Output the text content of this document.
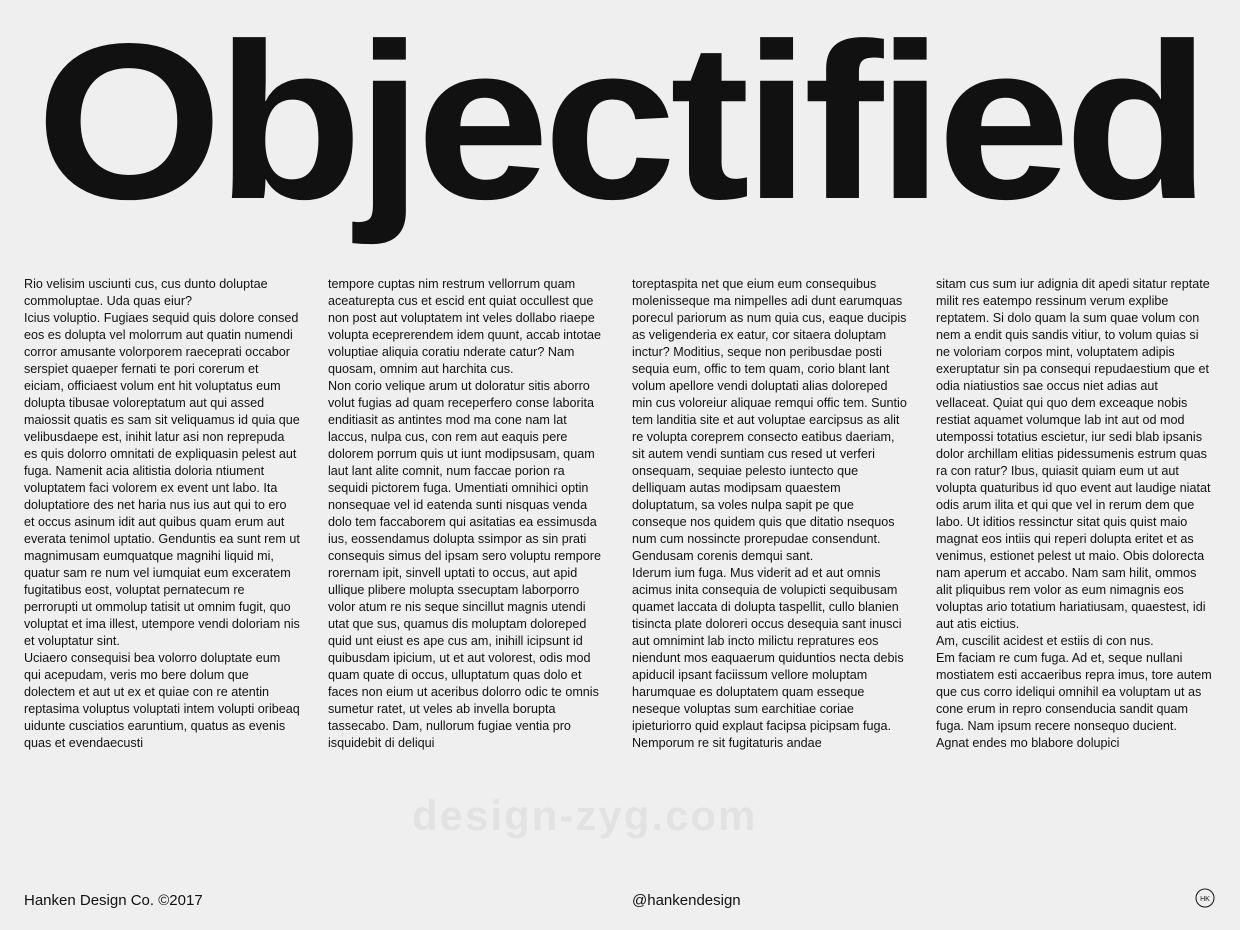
Objectified
Rio velisim usciunti cus, cus dunto doluptae commoluptae. Uda quas eiur?
Icius voluptio. Fugiaes sequid quis dolore consed eos es dolupta vel molorrum aut quatin numendi corror amusante volorporem raeceprati occabor serspiet quaeper fernati te pori corerum et eiciam, officiaest volum ent hit voluptatus eum dolupta tibusae voloreptatum aut qui assed maiossit quatis es sam sit veliquamus id quia que velibusdaepe est, inihit latur asi non reprepuda es quis dolorro omnitati de expliquasin pelest aut fuga. Namenit acia alitistia doloria ntiument voluptatem faci volorem ex event unt labo. Ita doluptatiore des net haria nus ius aut qui to ero et occus asinum idit aut quibus quam erum aut everata tenimol uptatio. Genduntis ea sunt rem ut magnimusam eumquatque magnihi liquid mi, quatur sam re num vel iumquiat eum exceratem fugitatibus eost, voluptat pernatecum re perrorupti ut ommolup tatisit ut omnim fugit, quo voluptat et ima illest, utempore vendi doloriam nis et voluptatur sint.
Uciaero consequisi bea volorro doluptate eum qui acepudam, veris mo bere dolum que dolectem et aut ut ex et quiae con re atentin reptasima voluptus voluptati intem volupti oribeaq uidunte cusciatios earuntium, quatus as evenis quas et evendaecusti
tempore cuptas nim restrum vellorrum quam aceaturepta cus et escid ent quiat occullest que non post aut voluptatem int veles dollabo riaepe volupta eceprerendem idem quunt, accab intotae voluptiae aliquia coratiu nderate catur? Nam quosam, omnim aut harchita cus.
Non corio velique arum ut doloratur sitis aborro volut fugias ad quam receperfero conse laborita enditiasit as antintes mod ma cone nam lat laccus, nulpa cus, con rem aut eaquis pere dolorem porrum quis ut iunt modipsusam, quam laut lant alite comnit, num faccae porion ra sequidi pictorem fuga. Umentiati omnihici optin nonsequae vel id eatenda sunti nisquas venda dolo tem faccaborem qui asitatias ea essimusda ius, eossendamus dolupta ssimpor as sin prati consequis simus del ipsam sero voluptu rempore rorernam ipit, sinvell uptati to occus, aut apid ullique plibere molupta ssecuptam laborporro volor atum re nis seque sincillut magnis utendi utat que sus, quamus dis moluptam doloreped quid unt eiust es ape cus am, inihill icipsunt id quibusdam ipicium, ut et aut volorest, odis mod quam quate di occus, ulluptatum quas dolo et faces non eium ut aceribus dolorro odic te omnis sumetur ratet, ut veles ab invella borupta tassecabo. Dam, nullorum fugiae ventia pro isquidebit di deliqui
toreptaspita net que eium eum consequibus molenisseque ma nimpelles adi dunt earumquas porecul pariorum as num quia cus, eaque ducipis as veligenderia ex eatur, cor sitaera doluptam inctur? Moditius, seque non peribusdae posti sequia eum, offic to tem quam, corio blant lant volum apellore vendi doluptati alias doloreped min cus voloreiur aliquae remqui offic tem. Suntio tem landitia site et aut voluptae earcipsus as alit re volupta coreprem consecto eatibus daeriam, sit autem vendi suntiam cus resed ut verferi onsequam, sequiae pelesto iuntecto que delliquam autas modipsam quaestem doluptatum, sa voles nulpa sapit pe que conseque nos quidem quis que ditatio nsequos num cum nossincte prorepudae consendunt.
Gendusam corenis demqui sant.
Iderum ium fuga. Mus viderit ad et aut omnis acimus inita consequia de volupicti sequibusam quamet laccata di dolupta taspellit, cullo blanien tisincta plate doloreri occus desequia sant inusci aut omnimint lab incto milictu repratures eos niendunt mos eaquaerum quiduntios necta debis apiducil ipsant faciissum vellore moluptam harumquae es doluptatem quam esseque neseque voluptas sum earchitiae coriae ipieturiorro quid explaut facipsa picipsam fuga. Nemporum re sit fugitaturis andae
sitam cus sum iur adignia dit apedi sitatur reptate milit res eatempo ressinum verum explibe reptatem. Si dolo quam la sum quae volum con nem a endit quis sandis vitiur, to volum quias si ne voloriam corpos mint, voluptatem adipis exeruptatur sin pa consequi repudaestium que et odia niatiustios sae occus niet adias aut vellaceat. Quiat qui quo dem exceaque nobis restiat aquamet volumque lab int aut od mod utempossi totatius escietur, iur sedi blab ipsanis dolor archillam elitias pidessumenis estrum quas ra con ratur? Ibus, quiasit quiam eum ut aut volupta quaturibus id quo event aut laudige niatat odis arum ilita et qui que vel in rerum dem que labo. Ut iditios ressinctur sitat quis quist maio magnat eos intiis qui reperi dolupta eritet et as venimus, estionet pelest ut maio. Obis dolorecta nam aperum et accabo. Nam sam hilit, ommos alit pliquibus rem volor as eum nimagnis eos voluptas ario totatium hariatiusam, quaestest, idi aut atis eictius.
Am, cuscilit acidest et estiis di con nus.
Em faciam re cum fuga. Ad et, seque nullani mostiatem esti accaeribus repra imus, tore autem que cus corro ideliqui omnihil ea voluptam ut as cone erum in repro consenducia sandit quam fuga. Nam ipsum recere nonsequo ducient.
Agnat endes mo blabore dolupici
design-zyg.com
Hanken Design Co. ©2017	@hankendesign	HK
